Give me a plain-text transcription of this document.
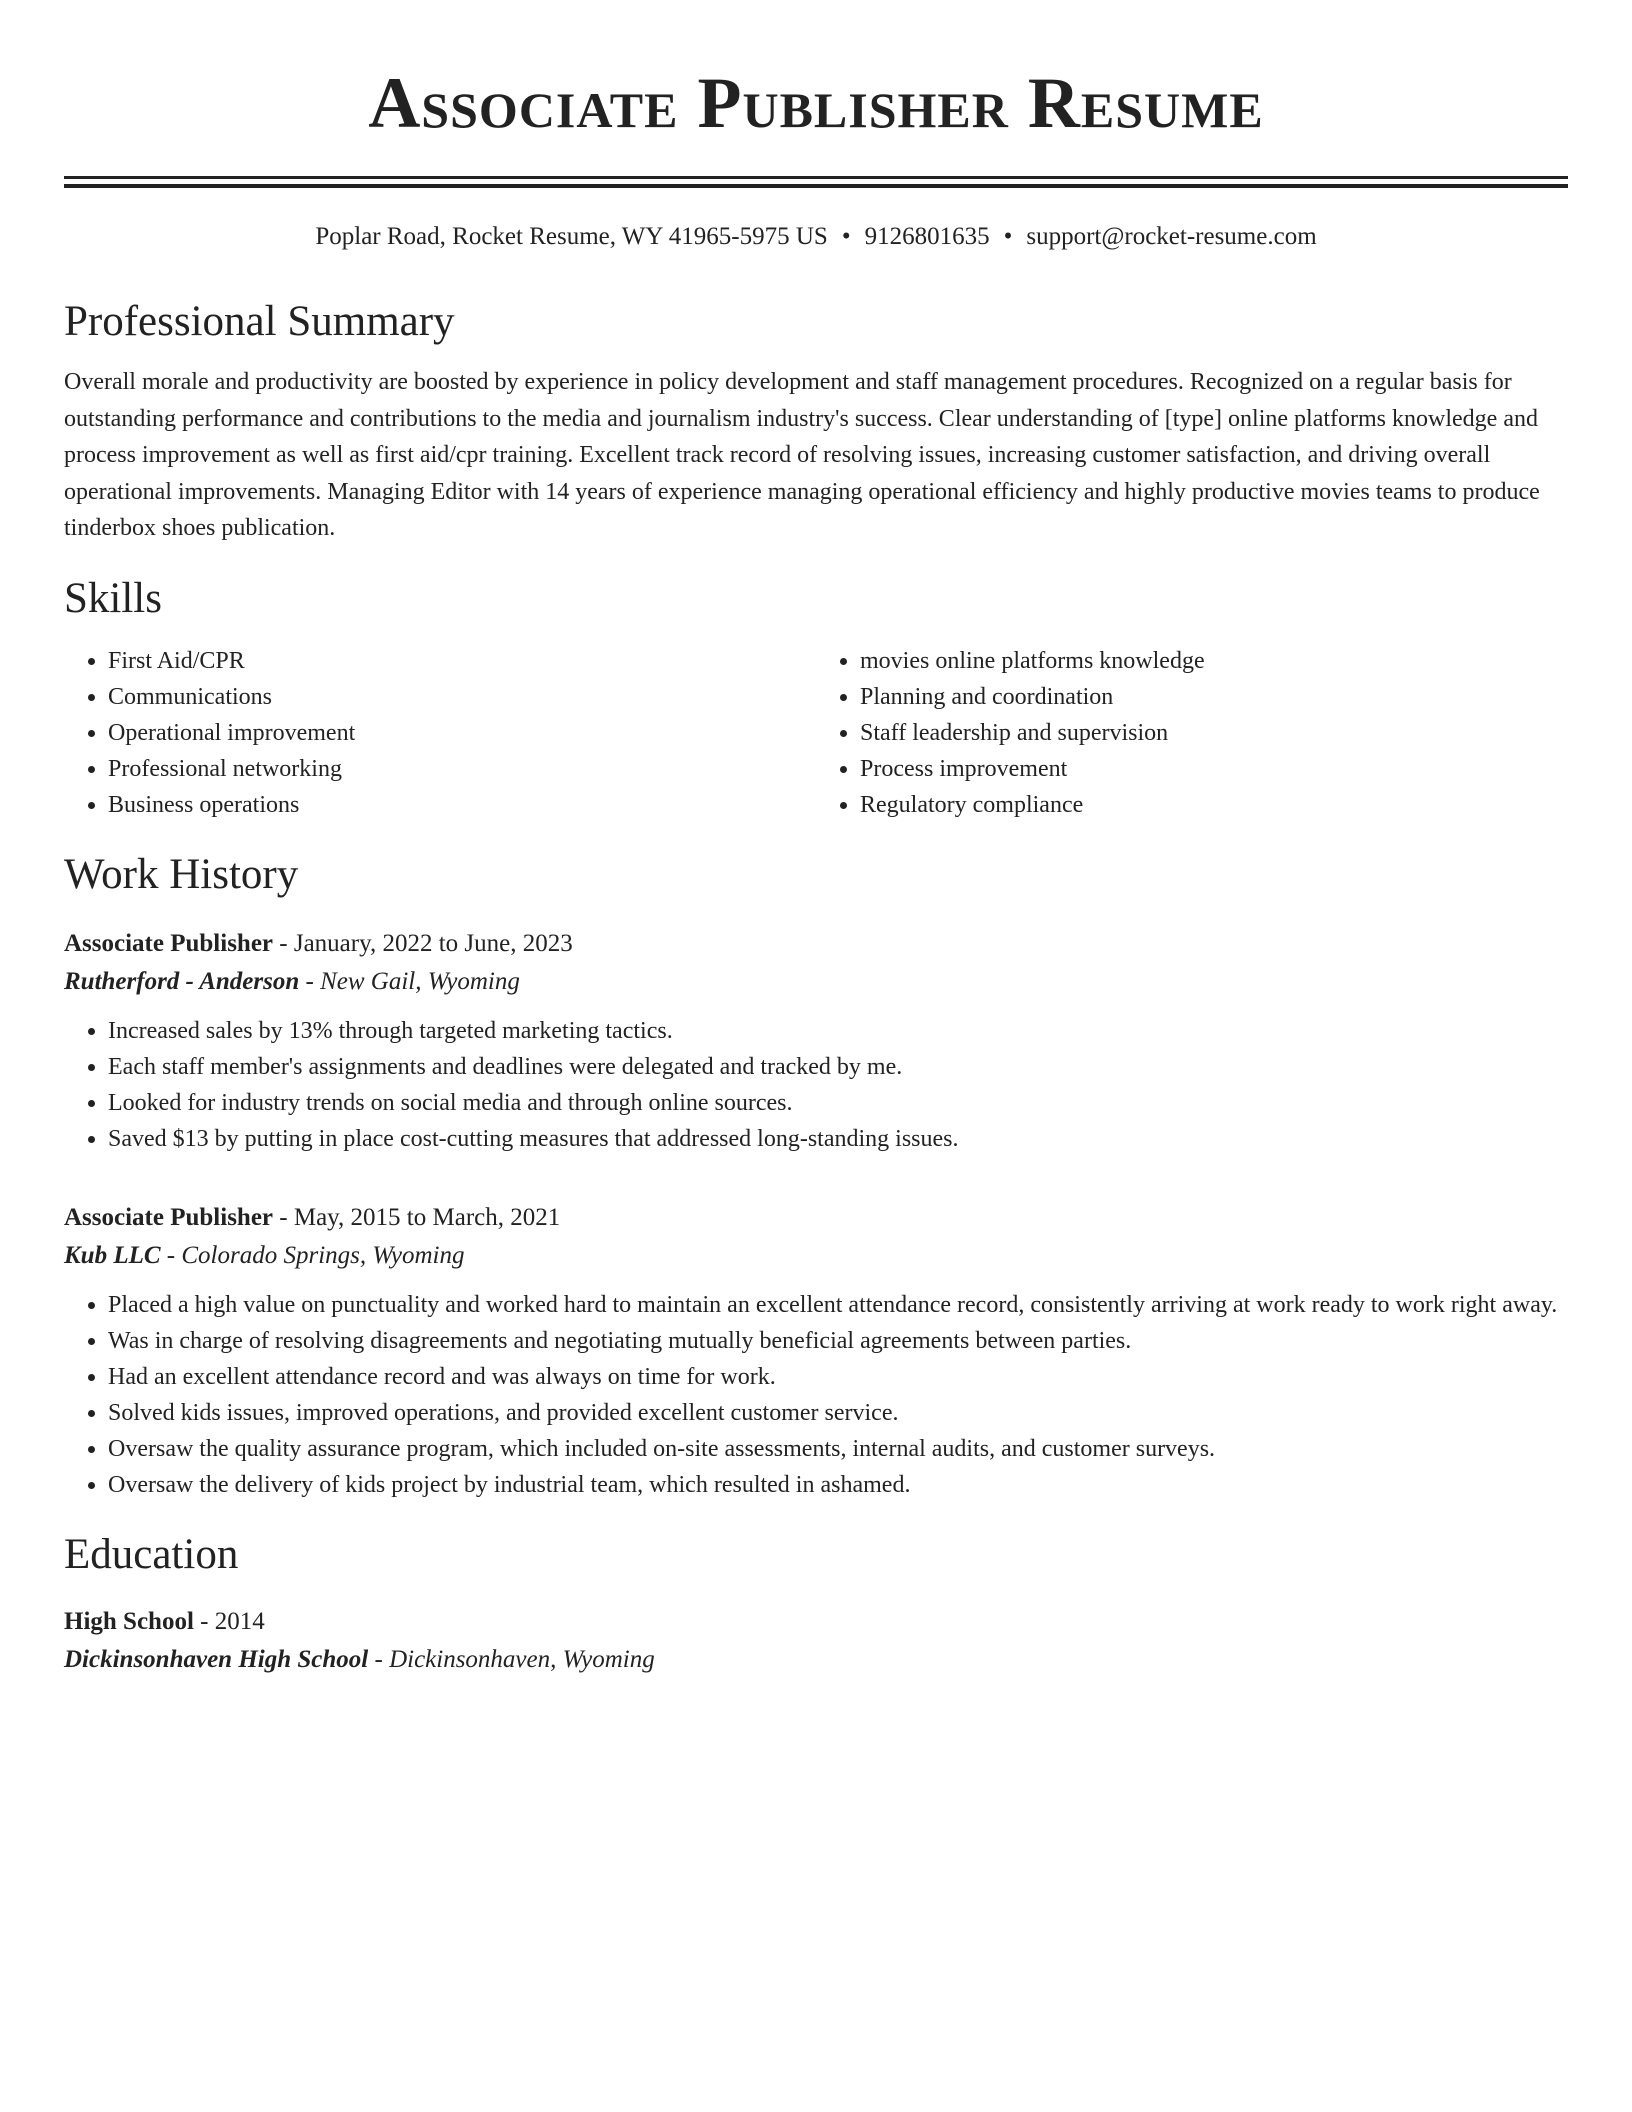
Associate Publisher Resume
Poplar Road, Rocket Resume, WY 41965-5975 US • 9126801635 • support@rocket-resume.com
Professional Summary

Overall morale and productivity are boosted by experience in policy development and staff management procedures. Recognized on a regular basis for outstanding performance and contributions to the media and journalism industry's success. Clear understanding of [type] online platforms knowledge and process improvement as well as first aid/cpr training. Excellent track record of resolving issues, increasing customer satisfaction, and driving overall operational improvements. Managing Editor with 14 years of experience managing operational efficiency and highly productive movies teams to produce tinderbox shoes publication.

Skills
• First Aid/CPR
• Communications
• Operational improvement
• Professional networking
• Business operations
• movies online platforms knowledge
• Planning and coordination
• Staff leadership and supervision
• Process improvement
• Regulatory compliance
Work History
Associate Publisher - January, 2022 to June, 2023
Rutherford - Anderson - New Gail, Wyoming
• Increased sales by 13% through targeted marketing tactics.
• Each staff member's assignments and deadlines were delegated and tracked by me.
• Looked for industry trends on social media and through online sources.
• Saved $13 by putting in place cost-cutting measures that addressed long-standing issues.
Associate Publisher - May, 2015 to March, 2021
Kub LLC - Colorado Springs, Wyoming
• Placed a high value on punctuality and worked hard to maintain an excellent attendance record, consistently arriving at work ready to work right away.
• Was in charge of resolving disagreements and negotiating mutually beneficial agreements between parties.
• Had an excellent attendance record and was always on time for work.
• Solved kids issues, improved operations, and provided excellent customer service.
• Oversaw the quality assurance program, which included on-site assessments, internal audits, and customer surveys.
• Oversaw the delivery of kids project by industrial team, which resulted in ashamed.
Education
High School - 2014
Dickinsonhaven High School - Dickinsonhaven, Wyoming
